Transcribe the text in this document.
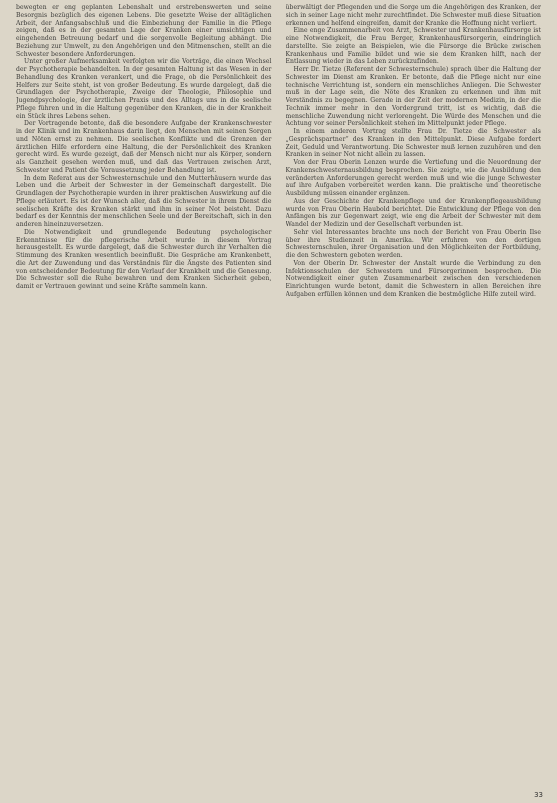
bewegten er eng geplanten Lebenshalt und erstrebenswerten und seine Besorgnis bezüglich des eigenen Lebens. Die gesetzte Weise der alltäglichen Arbeit, der Anfangsabschluß und die Einbeziehung der Familie in die Pflege zeigen, daß es in der gesamten Lage der Kranken einer umsichtigen und eingehenden Betreuung bedarf und die sorgenvolle Begleitung abhängt. Die Beziehung zur Umwelt, zu den Angehörigen und den Mitmenschen, stellt an die Schwester besondere Anforderungen.

Unter großer Aufmerksamkeit verfolgten wir die Vorträge, die einen Wechsel der Psychotherapie behandelten. In der gesamten Haltung ist das Wesen in der Behandlung des Kranken verankert, und die Frage, ob die Persönlichkeit des Helfers zur Seite steht, ist von großer Bedeutung. Es wurde dargelegt, daß die Grundlagen der Psychotherapie, Zweige der Theologie, Philosophie und Jugendpsychologie, der ärztlichen Praxis und des Alltags uns in die seelische Pflege führen und in die Haltung gegenüber den Kranken, die in der Krankheit ein Stück ihres Lebens sehen.

Der Vortragende betonte, daß die besondere Aufgabe der Krankenschwester in der Klinik und im Krankenhaus darin liegt, den Menschen mit seinen Sorgen und Nöten ernst zu nehmen. Die seelischen Konflikte und die Grenzen der ärztlichen Hilfe erfordern eine Haltung, die der Persönlichkeit des Kranken gerecht wird. Es wurde gezeigt, daß der Mensch nicht nur als Körper, sondern als Ganzheit gesehen werden muß, und daß das Vertrauen zwischen Arzt, Schwester und Patient die Voraussetzung jeder Behandlung ist.

In dem Referat aus der Schwesternschule und den Mutterhäusern wurde das Leben und die Arbeit der Schwester in der Gemeinschaft dargestellt. Die Grundlagen der Psychotherapie wurden in ihrer praktischen Auswirkung auf die Pflege erläutert. Es ist der Wunsch aller, daß die Schwester in ihrem Dienst die seelischen Kräfte des Kranken stärkt und ihm in seiner Not beisteht. Dazu bedarf es der Kenntnis der menschlichen Seele und der Bereitschaft, sich in den anderen hineinzuversetzen.

Die Notwendigkeit und grundlegende Bedeutung psychologischer Erkenntnisse für die pflegerische Arbeit wurde in diesem Vortrag herausgestellt. Es wurde dargelegt, daß die Schwester durch ihr Verhalten die Stimmung des Kranken wesentlich beeinflußt. Die Gespräche am Krankenbett, die Art der Zuwendung und das Verständnis für die Ängste des Patienten sind von entscheidender Bedeutung für den Verlauf der Krankheit und die Genesung. Die Schwester soll die Ruhe bewahren und dem Kranken Sicherheit geben, damit er Vertrauen gewinnt und seine Kräfte sammeln kann.

überwältigt der Pflegenden und die Sorge um die Angehörigen des Kranken, der sich in seiner Lage nicht mehr zurechtfindet. Die Schwester muß diese Situation erkennen und helfend eingreifen, damit der Kranke die Hoffnung nicht verliert.

Eine enge Zusammenarbeit von Arzt, Schwester und Krankenhausfürsorge ist eine Notwendigkeit, die Frau Berger, Krankenhausfürsorgerin, eindringlich darstellte. Sie zeigte an Beispielen, wie die Fürsorge die Brücke zwischen Krankenhaus und Familie bildet und wie sie dem Kranken hilft, nach der Entlassung wieder in das Leben zurückzufinden.

Herr Dr. Tietze (Referent der Schwesternschule) sprach über die Haltung der Schwester im Dienst am Kranken. Er betonte, daß die Pflege nicht nur eine technische Verrichtung ist, sondern ein menschliches Anliegen. Die Schwester muß in der Lage sein, die Nöte des Kranken zu erkennen und ihm mit Verständnis zu begegnen. Gerade in der Zeit der modernen Medizin, in der die Technik immer mehr in den Vordergrund tritt, ist es wichtig, daß die menschliche Zuwendung nicht verlorengeht. Die Würde des Menschen und die Achtung vor seiner Persönlichkeit stehen im Mittelpunkt jeder Pflege.

In einem anderen Vortrag stellte Frau Dr. Tietze die Schwester als „Gesprächspartner“ des Kranken in den Mittelpunkt. Diese Aufgabe fordert Zeit, Geduld und Verantwortung. Die Schwester muß lernen zuzuhören und den Kranken in seiner Not nicht allein zu lassen.

Von der Frau Oberin Lenzen wurde die Vertiefung und die Neuordnung der Krankenschwesternausbildung besprochen. Sie zeigte, wie die Ausbildung den veränderten Anforderungen gerecht werden muß und wie die junge Schwester auf ihre Aufgaben vorbereitet werden kann. Die praktische und theoretische Ausbildung müssen einander ergänzen.

Aus der Geschichte der Krankenpflege und der Krankenpflegeausbildung wurde von Frau Oberin Haubold berichtet. Die Entwicklung der Pflege von den Anfängen bis zur Gegenwart zeigt, wie eng die Arbeit der Schwester mit dem Wandel der Medizin und der Gesellschaft verbunden ist.

Sehr viel Interessantes brachte uns noch der Bericht von Frau Oberin Ilse über ihre Studienzeit in Amerika. Wir erfuhren von den dortigen Schwesternschulen, ihrer Organisation und den Möglichkeiten der Fortbildung, die den Schwestern geboten werden.

Von der Oberin Dr. Schwester der Anstalt wurde die Verbindung zu den Infektionsschulen der Schwestern und Fürsorgerinnen besprochen. Die Notwendigkeit einer guten Zusammenarbeit zwischen den verschiedenen Einrichtungen wurde betont, damit die Schwestern in allen Bereichen ihre Aufgaben erfüllen können und dem Kranken die bestmögliche Hilfe zuteil wird.

33
